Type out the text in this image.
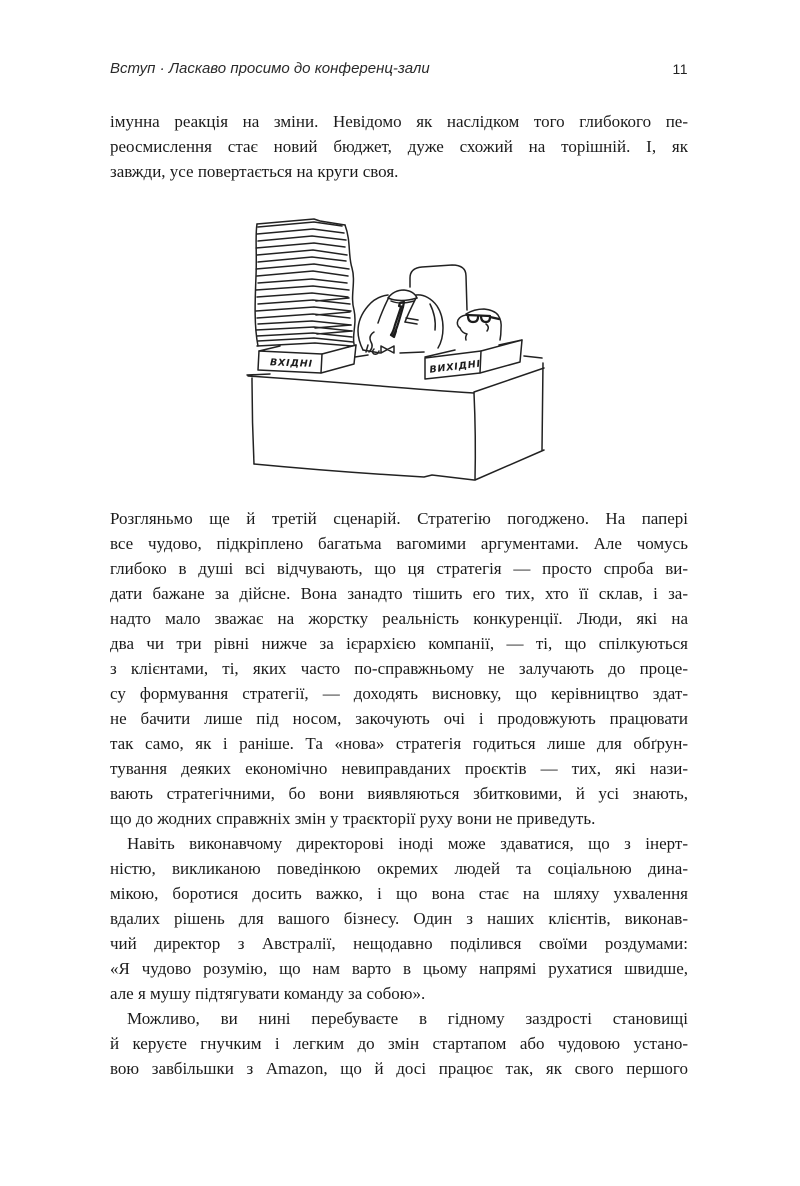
Вступ · Ласкаво просимо до конференц-зали	11
імунна реакція на зміни. Невідомо як наслідком того глибокого пе-
реосмислення стає новий бюджет, дуже схожий на торішній. І, як
завжди, усе повертається на круги своя.
ВХІДНІ	ВИХІДНІ
Розгляньмо ще й третій сценарій. Стратегію погоджено. На папері
все чудово, підкріплено багатьма вагомими аргументами. Але чомусь
глибоко в душі всі відчувають, що ця стратегія — просто спроба ви-
дати бажане за дійсне. Вона занадто тішить его тих, хто її склав, і за-
надто мало зважає на жорстку реальність конкуренції. Люди, які на
два чи три рівні нижче за ієрархією компанії, — ті, що спілкуються
з клієнтами, ті, яких часто по-справжньому не залучають до проце-
су формування стратегії, — доходять висновку, що керівництво здат-
не бачити лише під носом, закочують очі і продовжують працювати
так само, як і раніше. Та «нова» стратегія годиться лише для обґрун-
тування деяких економічно невиправданих проєктів — тих, які нази-
вають стратегічними, бо вони виявляються збитковими, й усі знають,
що до жодних справжніх змін у траєкторії руху вони не приведуть.
Навіть виконавчому директорові іноді може здаватися, що з інерт-
ністю, викликаною поведінкою окремих людей та соціальною дина-
мікою, боротися досить важко, і що вона стає на шляху ухвалення
вдалих рішень для вашого бізнесу. Один з наших клієнтів, виконав-
чий директор з Австралії, нещодавно поділився своїми роздумами:
«Я чудово розумію, що нам варто в цьому напрямі рухатися швидше,
але я мушу підтягувати команду за собою».
Можливо, ви нині перебуваєте в гідному заздрості становищі
й керуєте гнучким і легким до змін стартапом або чудовою устано-
вою завбільшки з Amazon, що й досі працює так, як свого першого
